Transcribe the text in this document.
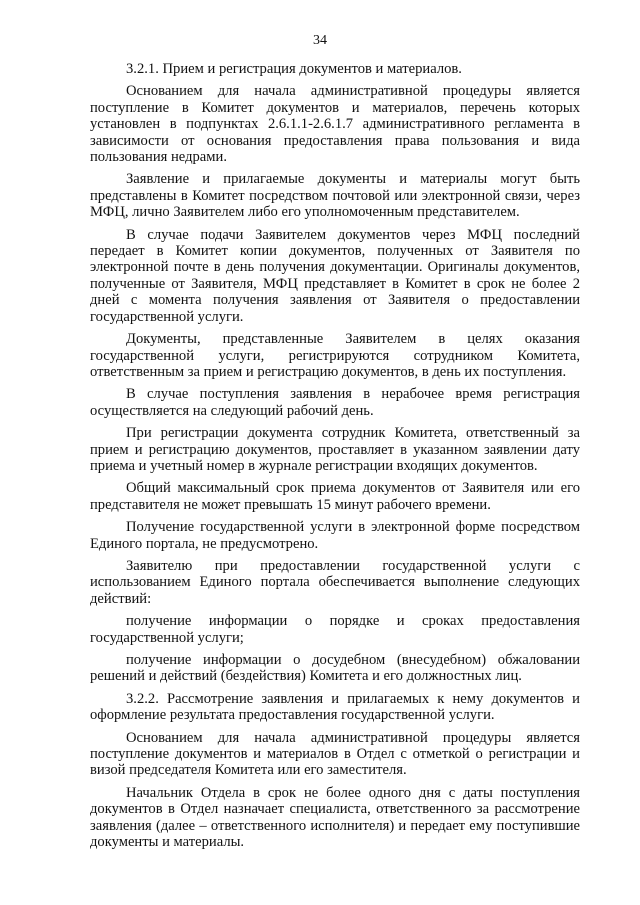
34

3.2.1. Прием и регистрация документов и материалов.

Основанием для начала административной процедуры является поступление в Комитет документов и материалов, перечень которых установлен в подпунктах 2.6.1.1-2.6.1.7 административного регламента в зависимости от основания предоставления права пользования и вида пользования недрами.

Заявление и прилагаемые документы и материалы могут быть представлены в Комитет посредством почтовой или электронной связи, через МФЦ, лично Заявителем либо его уполномоченным представителем.

В случае подачи Заявителем документов через МФЦ последний передает в Комитет копии документов, полученных от Заявителя по электронной почте в день получения документации. Оригиналы документов, полученные от Заявителя, МФЦ представляет в Комитет в срок не более 2 дней с момента получения заявления от Заявителя о предоставлении государственной услуги.

Документы, представленные Заявителем в целях оказания государственной услуги, регистрируются сотрудником Комитета, ответственным за прием и регистрацию документов, в день их поступления.

В случае поступления заявления в нерабочее время регистрация осуществляется на следующий рабочий день.

При регистрации документа сотрудник Комитета, ответственный за прием и регистрацию документов, проставляет в указанном заявлении дату приема и учетный номер в журнале регистрации входящих документов.

Общий максимальный срок приема документов от Заявителя или его представителя не может превышать 15 минут рабочего времени.

Получение государственной услуги в электронной форме посредством Единого портала, не предусмотрено.

Заявителю при предоставлении государственной услуги с использованием Единого портала обеспечивается выполнение следующих действий:

получение информации о порядке и сроках предоставления государственной услуги;

получение информации о досудебном (внесудебном) обжаловании решений и действий (бездействия) Комитета и его должностных лиц.

3.2.2. Рассмотрение заявления и прилагаемых к нему документов и оформление результата предоставления государственной услуги.

Основанием для начала административной процедуры является поступление документов и материалов в Отдел с отметкой о регистрации и визой председателя Комитета или его заместителя.

Начальник Отдела в срок не более одного дня с даты поступления документов в Отдел назначает специалиста, ответственного за рассмотрение заявления (далее – ответственного исполнителя) и передает ему поступившие документы и материалы.
